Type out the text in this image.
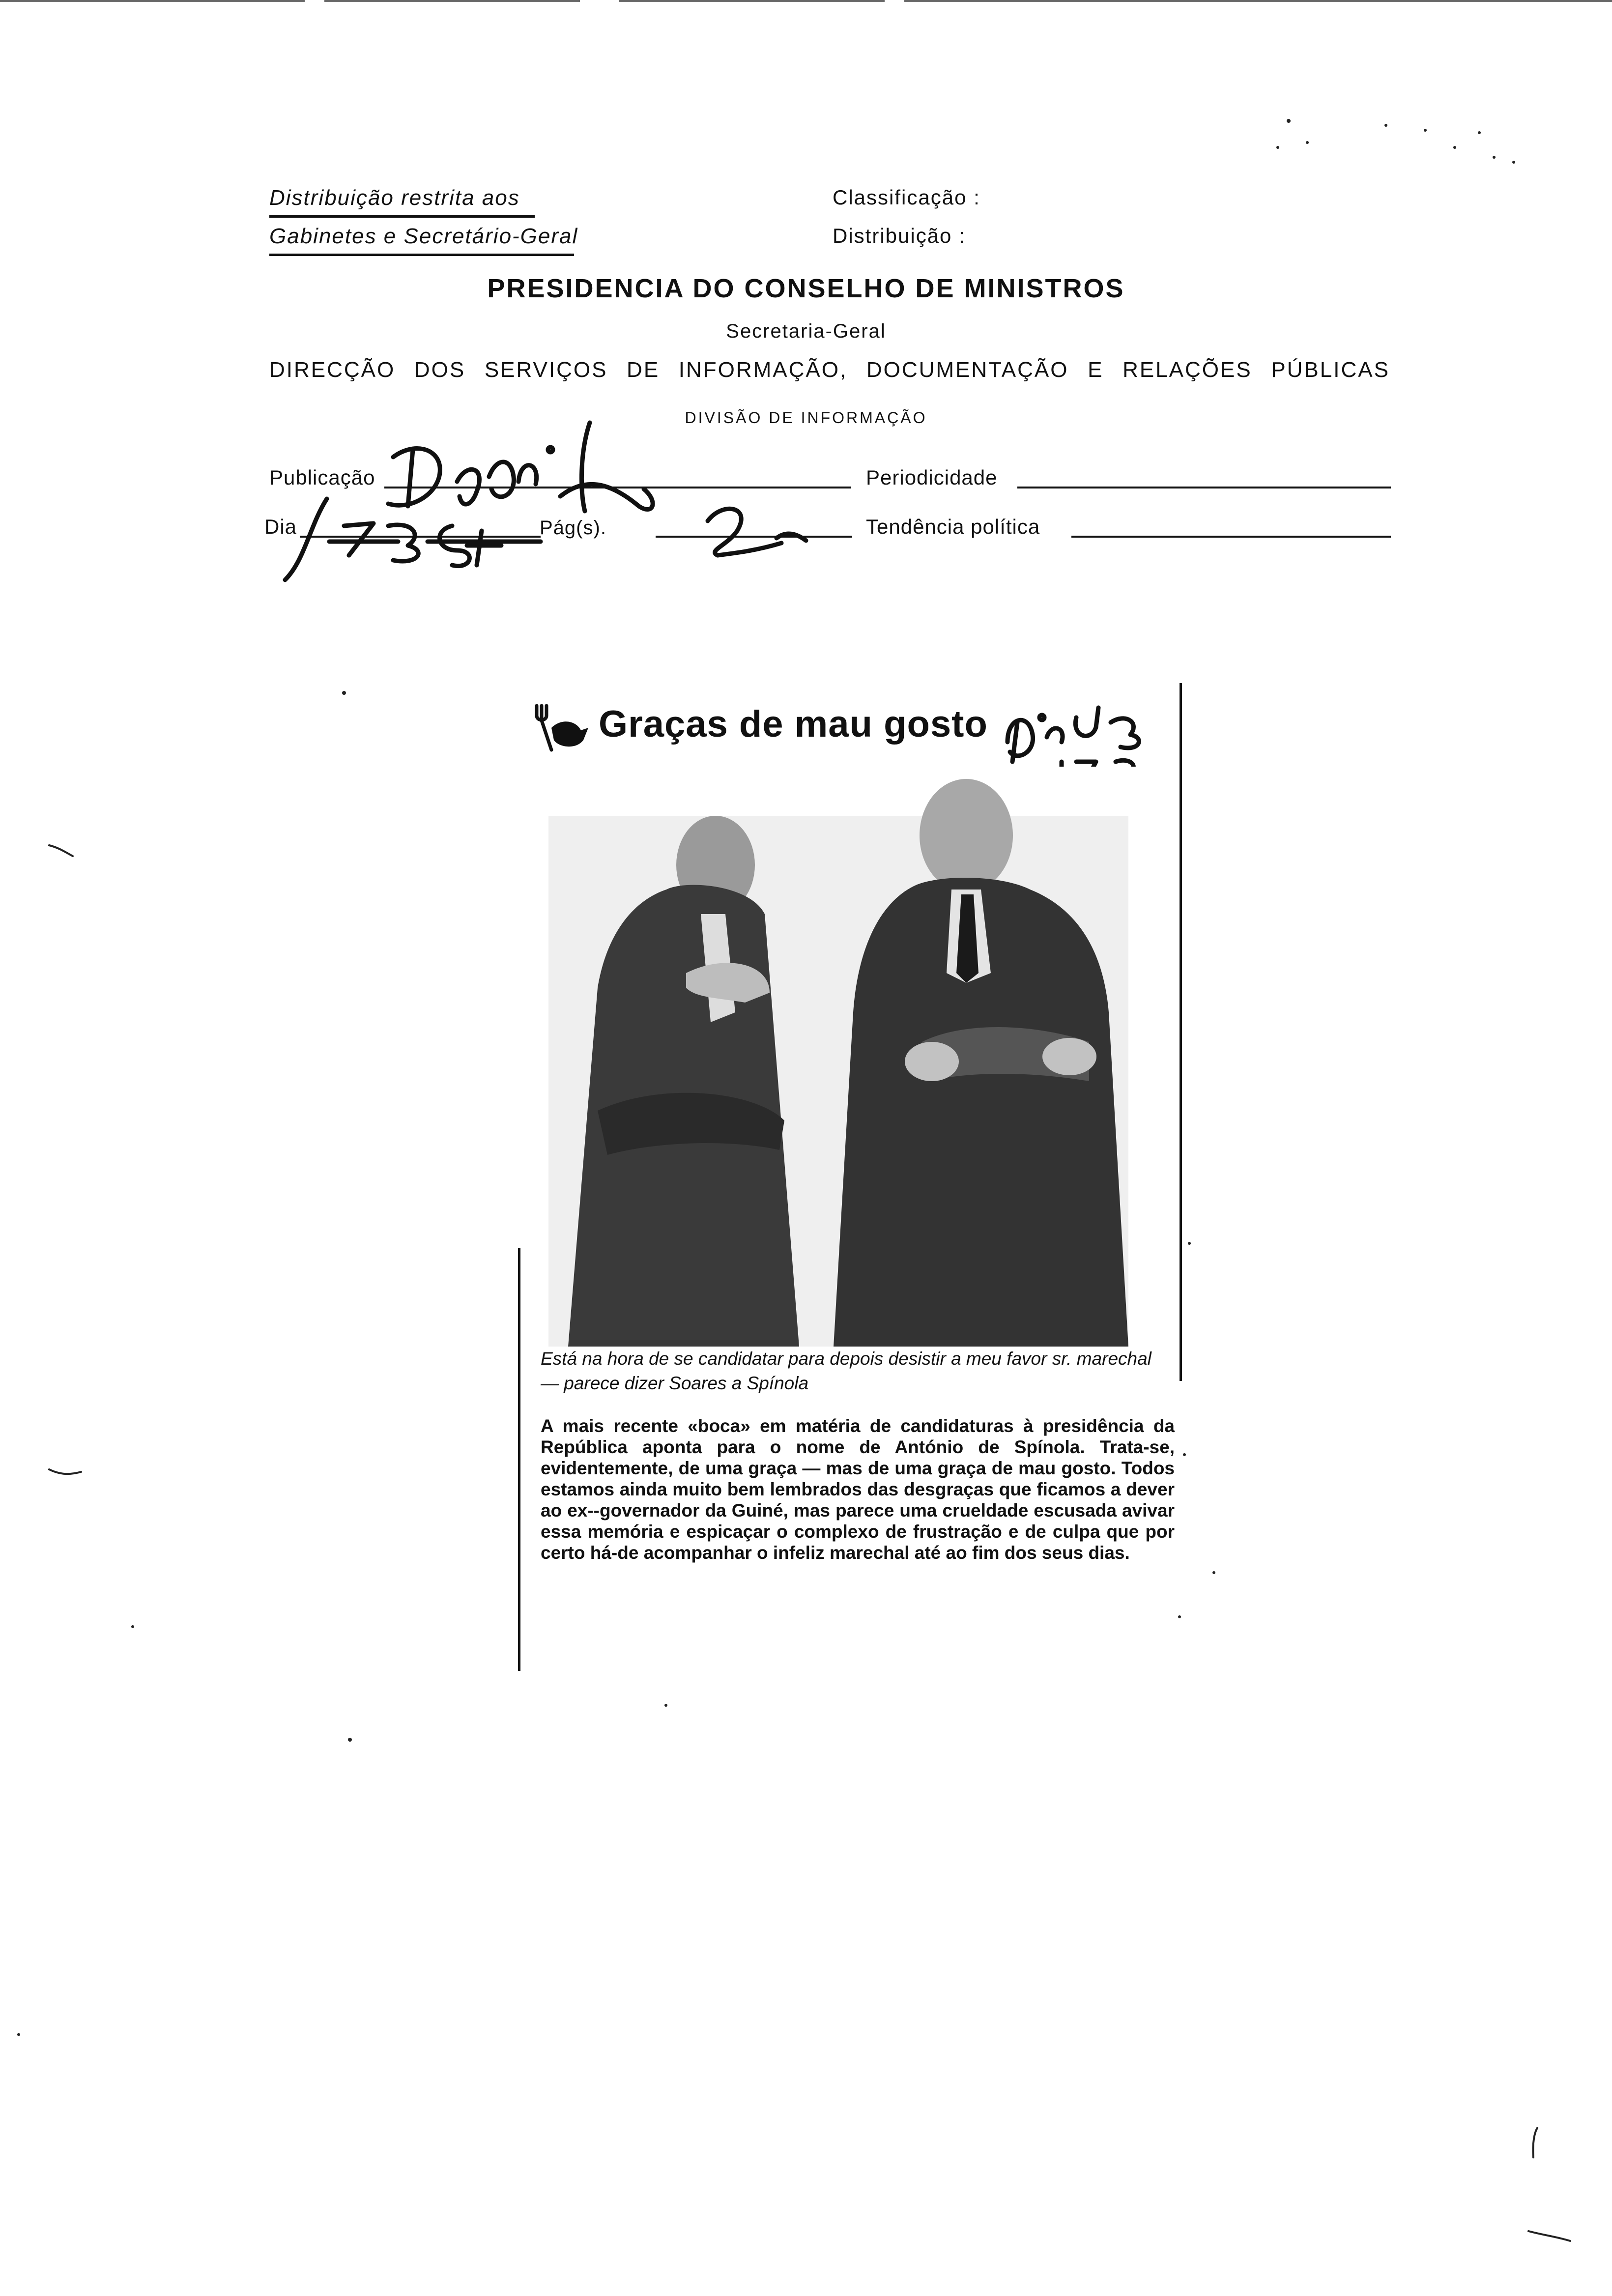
Distribuição restrita aos
Gabinetes e Secretário-Geral
Classificação :
Distribuição :
PRESIDENCIA DO CONSELHO DE MINISTROS
Secretaria-Geral
DIRECÇÃO DOS SERVIÇOS DE INFORMAÇÃO, DOCUMENTAÇÃO E RELAÇÕES PÚBLICAS
DIVISÃO DE INFORMAÇÃO
Publicação	Periodicidade
Dia	Pág(s).	Tendência política
Graças de mau gosto
Está na hora de se candidatar para depois desistir a meu favor sr. marechal — parece dizer Soares a Spínola
A mais recente «boca» em matéria de candidaturas à presidência da República aponta para o nome de António de Spínola. Trata-se, evidentemente, de uma graça — mas de uma graça de mau gosto. Todos estamos ainda muito bem lembrados das desgraças que ficamos a dever ao ex--governador da Guiné, mas parece uma crueldade escusada avivar essa memória e espicaçar o complexo de frustração e de culpa que por certo há-de acompanhar o infeliz marechal até ao fim dos seus dias.
